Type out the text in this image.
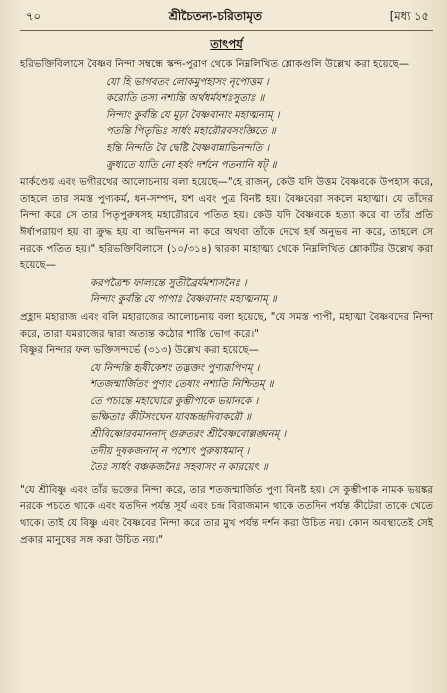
৭০	শ্রীচৈতন্য-চরিতামৃত	[মধ্য ১৫
তাৎপর্য

হরিভক্তিবিলাসে বৈষ্ণব নিন্দা সম্বন্ধে স্কন্দ-পুরাণ থেকে নিম্নলিখিত শ্লোকগুলি উল্লেখ করা হয়েছে—

যো হি ভাগবতং লোকমুপহাসং নৃপোত্তম ।
করোতি তস্য নশ্যন্তি অর্থধর্মযশঃসুতাঃ ॥
নিন্দাং কুর্বন্তি যে মূঢ়া বৈষ্ণবানাং মহাত্মনাম্ ।
পতন্তি পিতৃভিঃ সার্ধং মহারৌরবসংজ্ঞিতে ॥
হন্তি নিন্দতি বৈ দ্বেষ্টি বৈষ্ণবান্নাভিনন্দতি ।
ক্রুধ্যতে যাতি নো হর্ষং দর্শনে পতনানি ষট্ ॥

মার্কণ্ডেয় এবং ভগীরথের আলোচনায় বলা হয়েছে—"হে রাজন্, কেউ যদি উত্তম বৈষ্ণবকে উপহাস করে, তাহলে তার সমস্ত পুণ্যকর্ম, ধন-সম্পদ, যশ এবং পুত্র বিনষ্ট হয়। বৈষ্ণবেরা সকলে মহাত্মা। যে তাঁদের নিন্দা করে সে তার পিতৃপুরুষসহ মহারৌরবে পতিত হয়। কেউ যদি বৈষ্ণবকে হত্যা করে বা তাঁর প্রতি ঈর্ষাপরায়ণ হয় বা ক্রুদ্ধ হয় বা অভিনন্দন না করে অথবা তাঁকে দেখে হর্ষ অনুভব না করে, তাহলে সে নরকে পতিত হয়।" হরিভক্তিবিলাসে (১০/৩১৪) দ্বারকা মাহাত্ম্য থেকে নিম্নলিখিত শ্লোকটির উল্লেখ করা হয়েছে—

করপত্রৈশ্চ ফাল্যন্তে সুতীব্রৈর্যমশাসনৈঃ ।
নিন্দাং কুর্বন্তি যে পাপাঃ বৈষ্ণবানাং মহাত্মনাম্ ॥

প্রহ্লাদ মহারাজ এবং বলি মহারাজের আলোচনায় বলা হয়েছে, "যে সমস্ত পাপী, মহাত্মা বৈষ্ণবদের নিন্দা করে, তারা যমরাজের দ্বারা অত্যন্ত কঠোর শাস্তি ভোগ করে।"

বিষ্ণুর নিন্দার ফল ভক্তিসন্দর্ভে (৩১৩) উল্লেখ করা হয়েছে—

যে নিন্দন্তি হৃষীকেশং তদ্ভক্তং পুণ্যরূপিণম্ ।
শতজন্মার্জিতং পুণ্যং তেষাং নশ্যতি নিশ্চিতম্ ॥
তে পচ্যন্তে মহাঘোরে কুম্ভীপাকে ভয়ানকে ।
ভক্ষিতাঃ কীটসংঘেন যাবচ্চন্দ্রদিবাকরৌ ॥
শ্রীবিষ্ণোরবমাননাদ্ গুরুতরং শ্রীবৈষ্ণবোল্লঙ্ঘনম্ ।
তদীয় দূষকজনান্ ন পশ্যেৎ পুরুষাধমান্ ।
তৈঃ সার্ধং বঞ্চকজনৈঃ সহবাসং ন কারয়েৎ ॥

"যে শ্রীবিষ্ণু এবং তাঁর ভক্তের নিন্দা করে, তার শতজন্মার্জিত পুণ্য বিনষ্ট হয়। সে কুম্ভীপাক নামক ভয়ঙ্কর নরকে পচতে থাকে এবং যতদিন পর্যন্ত সূর্য এবং চন্দ্র বিরাজমান থাকে ততদিন পর্যন্ত কীটেরা তাকে খেতে থাকে। তাই যে বিষ্ণু এবং বৈষ্ণবের নিন্দা করে তার মুখ পর্যন্ত দর্শন করা উচিত নয়। কোন অবস্থাতেই সেই প্রকার মানুষের সঙ্গ করা উচিত নয়।"
